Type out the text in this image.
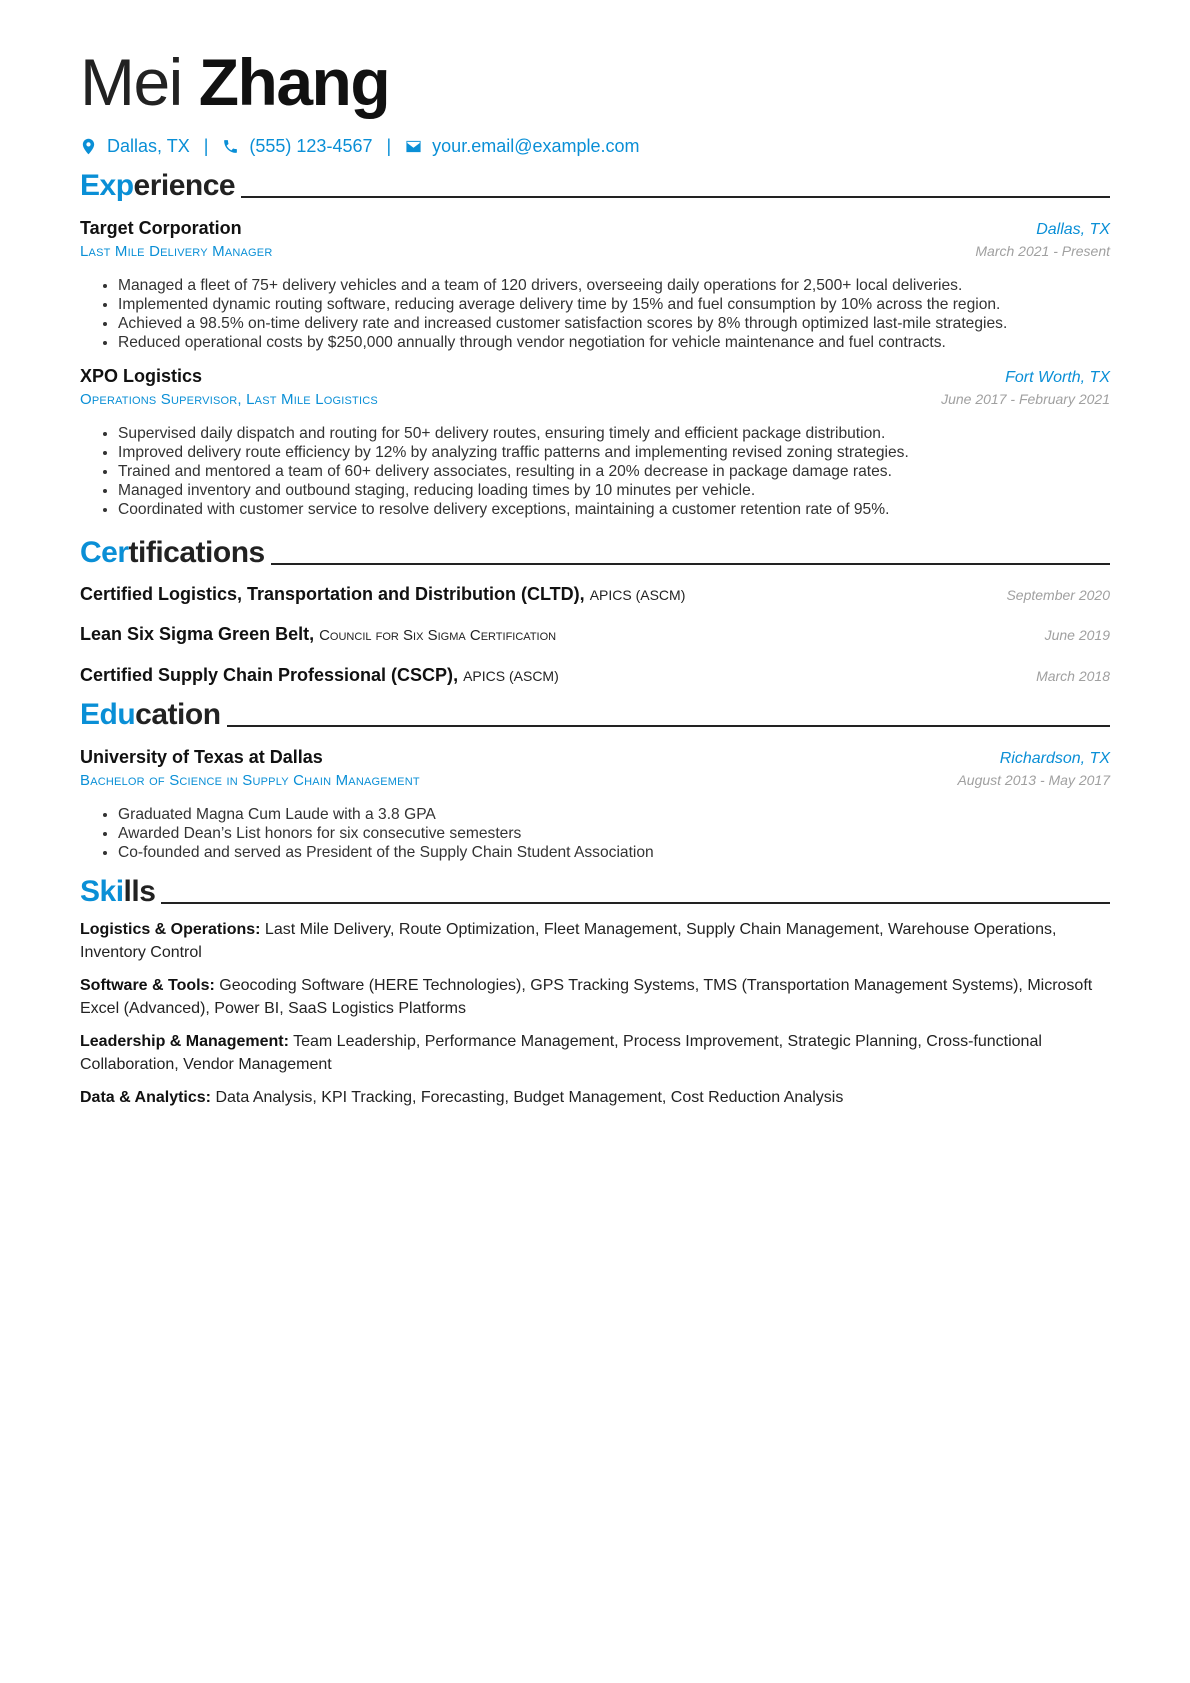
Mei Zhang
Dallas, TX | (555) 123-4567 | your.email@example.com
Exp erience
Target Corporation	Dallas, TX
Last Mile Delivery Manager	March 2021 - Present
• Managed a fleet of 75+ delivery vehicles and a team of 120 drivers, overseeing daily operations for 2,500+ local deliveries.
• Implemented dynamic routing software, reducing average delivery time by 15% and fuel consumption by 10% across the region.
• Achieved a 98.5% on-time delivery rate and increased customer satisfaction scores by 8% through optimized last-mile strategies.
• Reduced operational costs by $250,000 annually through vendor negotiation for vehicle maintenance and fuel contracts.
XPO Logistics	Fort Worth, TX
Operations Supervisor, Last Mile Logistics	June 2017 - February 2021
• Supervised daily dispatch and routing for 50+ delivery routes, ensuring timely and efficient package distribution.
• Improved delivery route efficiency by 12% by analyzing traffic patterns and implementing revised zoning strategies.
• Trained and mentored a team of 60+ delivery associates, resulting in a 20% decrease in package damage rates.
• Managed inventory and outbound staging, reducing loading times by 10 minutes per vehicle.
• Coordinated with customer service to resolve delivery exceptions, maintaining a customer retention rate of 95%.
Cer tifications
Certified Logistics, Transportation and Distribution (CLTD), APICS (ASCM)	September 2020
Lean Six Sigma Green Belt, Council for Six Sigma Certification	June 2019
Certified Supply Chain Professional (CSCP), APICS (ASCM)	March 2018
Edu cation
University of Texas at Dallas	Richardson, TX
Bachelor of Science in Supply Chain Management	August 2013 - May 2017
• Graduated Magna Cum Laude with a 3.8 GPA
• Awarded Dean’s List honors for six consecutive semesters
• Co-founded and served as President of the Supply Chain Student Association
Ski lls
Logistics & Operations: Last Mile Delivery, Route Optimization, Fleet Management, Supply Chain Management, Warehouse Operations, Inventory Control
Software & Tools: Geocoding Software (HERE Technologies), GPS Tracking Systems, TMS (Transportation Management Systems), Microsoft Excel (Advanced), Power BI, SaaS Logistics Platforms
Leadership & Management: Team Leadership, Performance Management, Process Improvement, Strategic Planning, Cross-functional Collaboration, Vendor Management
Data & Analytics: Data Analysis, KPI Tracking, Forecasting, Budget Management, Cost Reduction Analysis
